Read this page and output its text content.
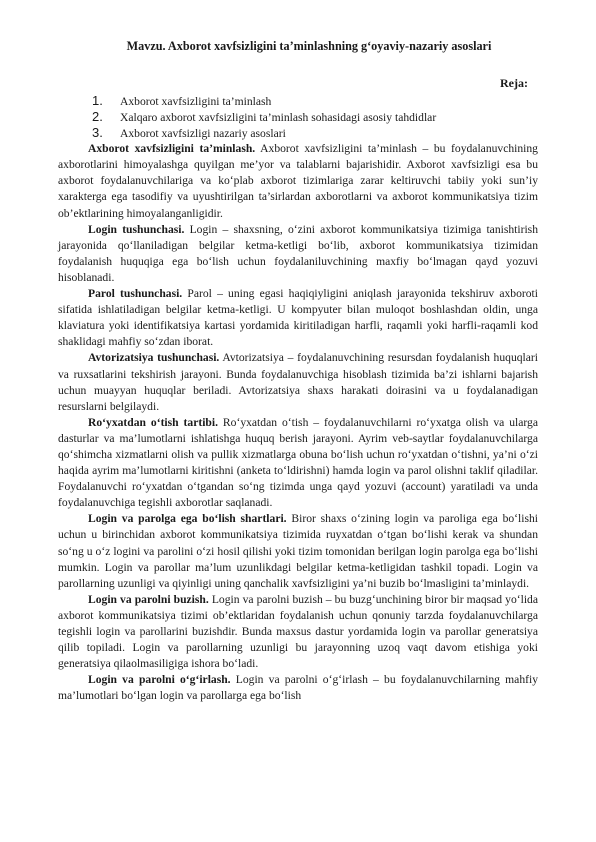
Mavzu. Axborot xavfsizligini ta’minlashning g‘oyaviy-nazariy asoslari
Reja:
1.	Axborot xavfsizligini ta’minlash
2.	Xalqaro axborot xavfsizligini ta’minlash sohasidagi asosiy tahdidlar
3.	Axborot xavfsizligi nazariy asoslari

Axborot xavfsizligini ta’minlash. Axborot xavfsizligini ta’minlash – bu foydalanuvchining axborotlarini himoyalashga quyilgan me’yor va talablarni bajarishidir. Axborot xavfsizligi esa bu axborot foydalanuvchilariga va ko‘plab axborot tizimlariga zarar keltiruvchi tabiiy yoki sun’iy xarakterga ega tasodifiy va uyushtirilgan ta’sirlardan axborotlarni va axborot kommunikatsiya tizim ob’ektlarining himoyalanganligidir.

Login tushunchasi. Login – shaxsning, o‘zini axborot kommunikatsiya tizimiga tanishtirish jarayonida qo‘llaniladigan belgilar ketma-ketligi bo‘lib, axborot kommunikatsiya tizimidan foydalanish huquqiga ega bo‘lish uchun foydalaniluvchining maxfiy bo‘lmagan qayd yozuvi hisoblanadi.

Parol tushunchasi. Parol – uning egasi haqiqiyligini aniqlash jarayonida tekshiruv axboroti sifatida ishlatiladigan belgilar ketma-ketligi. U kompyuter bilan muloqot boshlashdan oldin, unga klaviatura yoki identifikatsiya kartasi yordamida kiritiladigan harfli, raqamli yoki harfli-raqamli kod shaklidagi mahfiy so‘zdan iborat.

Avtorizatsiya tushunchasi. Avtorizatsiya – foydalanuvchining resursdan foydalanish huquqlari va ruxsatlarini tekshirish jarayoni. Bunda foydalanuvchiga hisoblash tizimida ba’zi ishlarni bajarish uchun muayyan huquqlar beriladi. Avtorizatsiya shaxs harakati doirasini va u foydalanadigan resurslarni belgilaydi.

Ro‘yxatdan o‘tish tartibi. Ro‘yxatdan o‘tish – foydalanuvchilarni ro‘yxatga olish va ularga dasturlar va ma’lumotlarni ishlatishga huquq berish jarayoni. Ayrim veb-saytlar foydalanuvchilarga qo‘shimcha xizmatlarni olish va pullik xizmatlarga obuna bo‘lish uchun ro‘yxatdan o‘tishni, ya’ni o‘zi haqida ayrim ma’lumotlarni kiritishni (anketa to‘ldirishni) hamda login va parol olishni taklif qiladilar. Foydalanuvchi ro‘yxatdan o‘tgandan so‘ng tizimda unga qayd yozuvi (account) yaratiladi va unda foydalanuvchiga tegishli axborotlar saqlanadi.

Login va parolga ega bo‘lish shartlari. Biror shaxs o‘zining login va paroliga ega bo‘lishi uchun u birinchidan axborot kommunikatsiya tizimida ruyxatdan o‘tgan bo‘lishi kerak va shundan so‘ng u o‘z logini va parolini o‘zi hosil qilishi yoki tizim tomonidan berilgan login parolga ega bo‘lishi mumkin. Login va parollar ma’lum uzunlikdagi belgilar ketma-ketligidan tashkil topadi. Login va parollarning uzunligi va qiyinligi uning qanchalik xavfsizligini ya’ni buzib bo‘lmasligini ta’minlaydi.

Login va parolni buzish. Login va parolni buzish – bu buzg‘unchining biror bir maqsad yo‘lida axborot kommunikatsiya tizimi ob’ektlaridan foydalanish uchun qonuniy tarzda foydalanuvchilarga tegishli login va parollarini buzishdir. Bunda maxsus dastur yordamida login va parollar generatsiya qilib topiladi. Login va parollarning uzunligi bu jarayonning uzoq vaqt davom etishiga yoki generatsiya qilaolmasiligiga ishora bo‘ladi.

Login va parolni o‘g‘irlash. Login va parolni o‘g‘irlash – bu foydalanuvchilarning mahfiy ma’lumotlari bo‘lgan login va parollarga ega bo‘lish
